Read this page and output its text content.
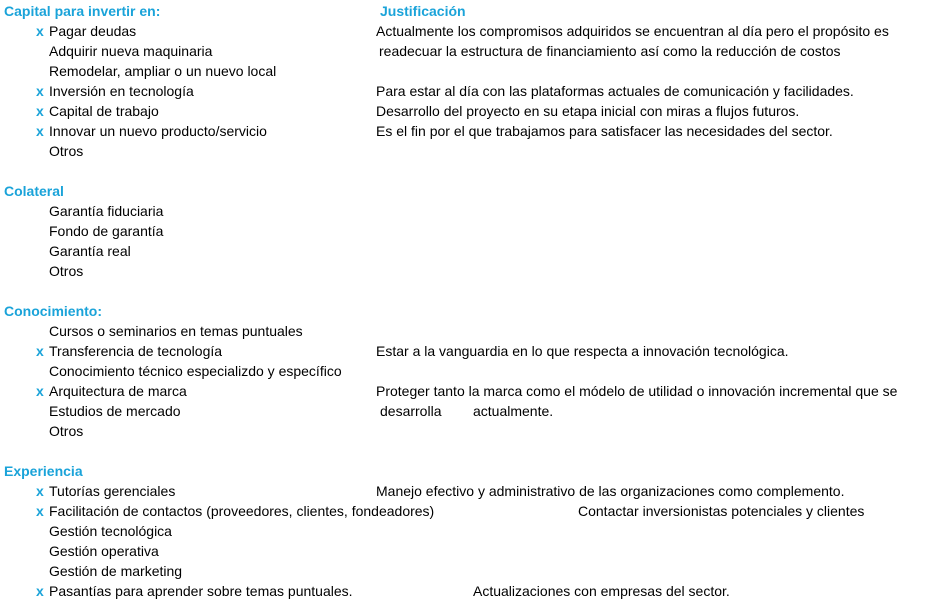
Capital para invertir en:	Justificación
x Pagar deudas
Adquirir nueva maquinaria
Remodelar, ampliar o un nuevo local
x Inversión en tecnología
x Capital de trabajo
x Innovar un nuevo producto/servicio
Otros
Actualmente los compromisos adquiridos se encuentran al día pero el propósito es
readecuar la estructura de financiamiento así como la reducción de costos
Para estar al día con las plataformas actuales de comunicación y facilidades.
Desarrollo del proyecto en su etapa inicial con miras a flujos futuros.
Es el fin por el que trabajamos para satisfacer las necesidades del sector.
Colateral
Garantía fiduciaria
Fondo de garantía
Garantía real
Otros
Conocimiento:
Cursos o seminarios en temas puntuales
x Transferencia de tecnología
Conocimiento técnico especializdo y específico
x Arquitectura de marca
Estudios de mercado
Otros
Estar a la vanguardia en lo que respecta a innovación tecnológica.
Proteger tanto la marca como el módelo de utilidad o innovación incremental que se
desarrolla actualmente.
Experiencia
x Tutorías gerenciales
x Facilitación de contactos (proveedores, clientes, fondeadores)
Gestión tecnológica
Gestión operativa
Gestión de marketing
x Pasantías para aprender sobre temas puntuales.
Manejo efectivo y administrativo de las organizaciones como complemento.
Contactar inversionistas potenciales y clientes
Actualizaciones con empresas del sector.
